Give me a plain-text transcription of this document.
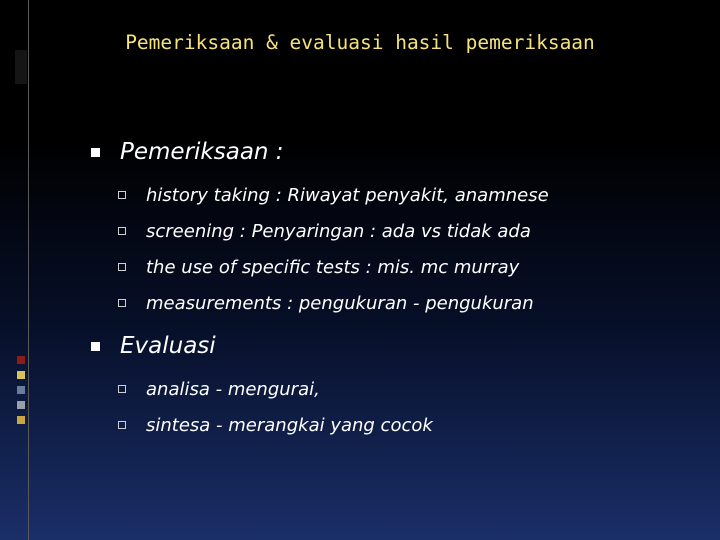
Pemeriksaan & evaluasi hasil pemeriksaan
Pemeriksaan :
history taking : Riwayat penyakit, anamnese
screening : Penyaringan : ada vs tidak ada
the use of specific tests : mis. mc murray
measurements : pengukuran - pengukuran
Evaluasi
analisa - mengurai,
sintesa - merangkai yang cocok
